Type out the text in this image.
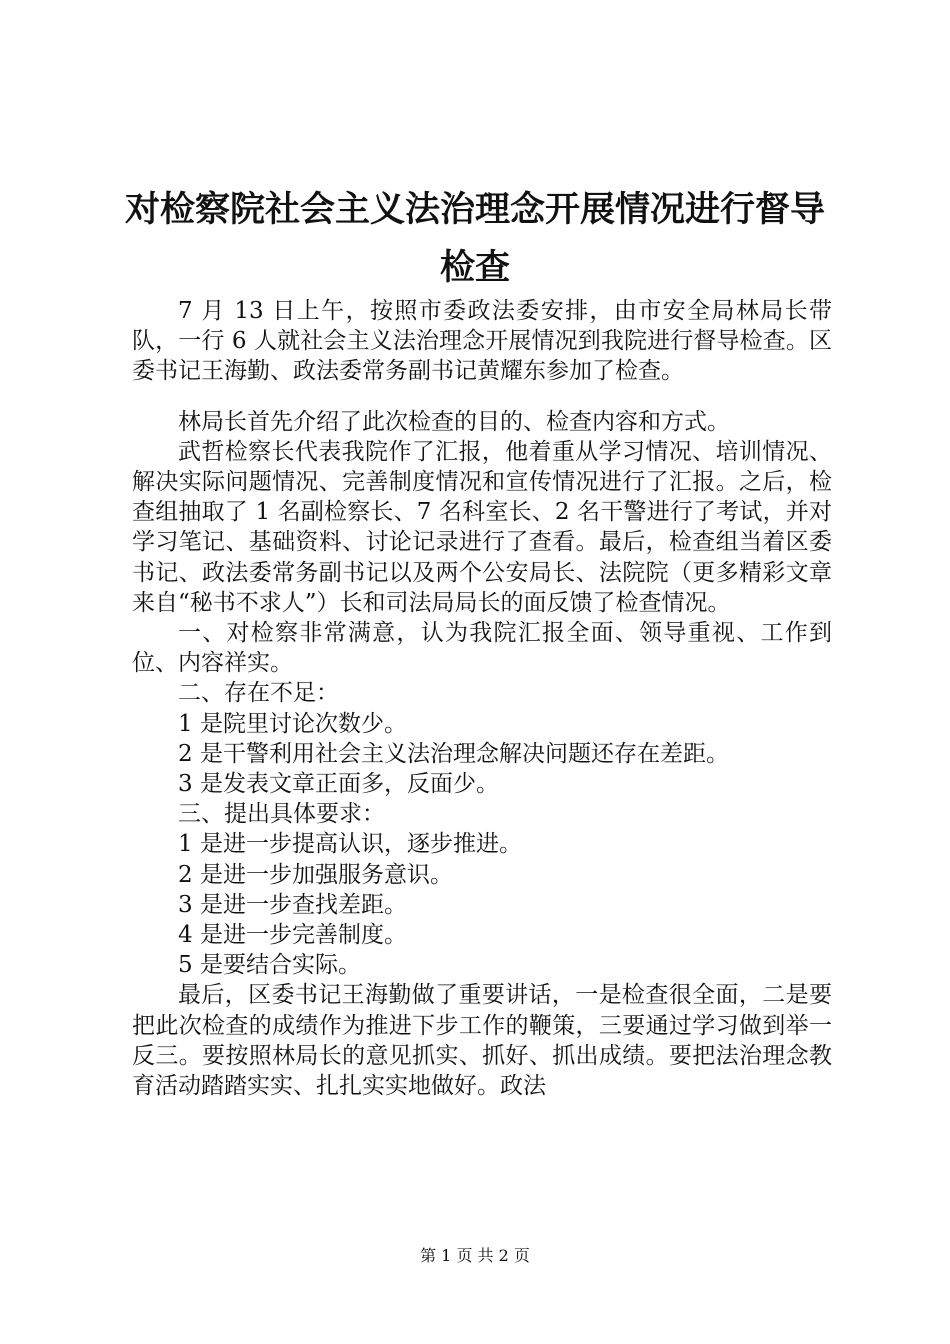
对检察院社会主义法治理念开展情况进行督导
检查

7 月 13 日上午，按照市委政法委安排，由市安全局林局长带队，一行 6 人就社会主义法治理念开展情况到我院进行督导检查。区委书记王海勤、政法委常务副书记黄耀东参加了检查。

林局长首先介绍了此次检查的目的、检查内容和方式。

武哲检察长代表我院作了汇报，他着重从学习情况、培训情况、解决实际问题情况、完善制度情况和宣传情况进行了汇报。之后，检查组抽取了 1 名副检察长、7 名科室长、2 名干警进行了考试，并对学习笔记、基础资料、讨论记录进行了查看。最后，检查组当着区委书记、政法委常务副书记以及两个公安局长、法院院（更多精彩文章来自“秘书不求人”）长和司法局局长的面反馈了检查情况。

一、对检察非常满意，认为我院汇报全面、领导重视、工作到位、内容祥实。

二、存在不足：

1 是院里讨论次数少。

2 是干警利用社会主义法治理念解决问题还存在差距。

3 是发表文章正面多，反面少。

三、提出具体要求：

1 是进一步提高认识，逐步推进。

2 是进一步加强服务意识。

3 是进一步查找差距。

4 是进一步完善制度。

5 是要结合实际。

最后，区委书记王海勤做了重要讲话，一是检查很全面，二是要把此次检查的成绩作为推进下步工作的鞭策，三要通过学习做到举一反三。要按照林局长的意见抓实、抓好、抓出成绩。要把法治理念教育活动踏踏实实、扎扎实实地做好。政法

第 1 页 共 2 页
